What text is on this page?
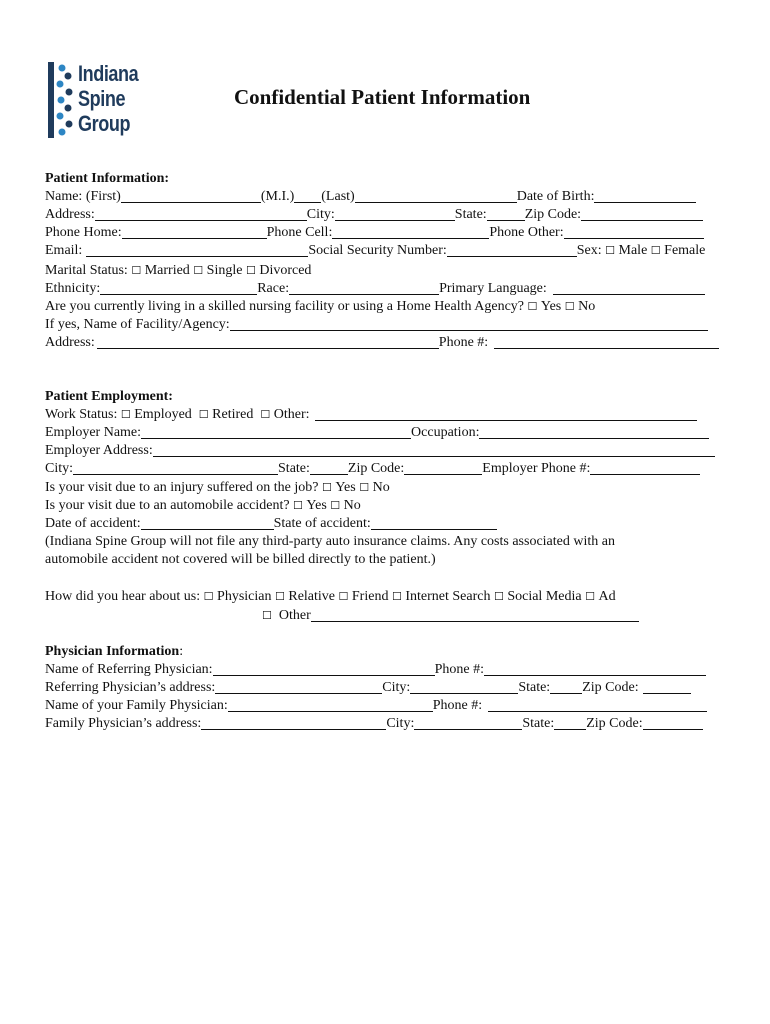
Indiana
Spine
Group
Confidential Patient Information
Patient Information:
Name: (First)	(M.I.) (Last)	Date of Birth:
Address:	City:	State:	Zip Code:
Phone Home:	Phone Cell:	Phone Other:
Email:	Social Security Number:	Sex: ☐ Male ☐ Female
Marital Status: ☐ Married ☐ Single ☐ Divorced
Ethnicity:	Race:	Primary Language:
Are you currently living in a skilled nursing facility or using a Home Health Agency? ☐ Yes ☐ No
If yes, Name of Facility/Agency:
Address:	Phone #:
Patient Employment:
Work Status: ☐ Employed ☐ Retired ☐ Other:
Employer Name:	Occupation:
Employer Address:
City:	State:	Zip Code:	Employer Phone #:
Is your visit due to an injury suffered on the job? ☐ Yes ☐ No
Is your visit due to an automobile accident? ☐ Yes ☐ No
Date of accident:	State of accident:
(Indiana Spine Group will not file any third-party auto insurance claims. Any costs associated with an
automobile accident not covered will be billed directly to the patient.)
How did you hear about us: ☐ Physician ☐ Relative ☐ Friend ☐ Internet Search ☐ Social Media ☐ Ad
☐ Other
Physician Information:
Name of Referring Physician:	Phone #:
Referring Physician’s address:	City:	State: Zip Code:
Name of your Family Physician:	Phone #:
Family Physician’s address:	City:	State: Zip Code:
